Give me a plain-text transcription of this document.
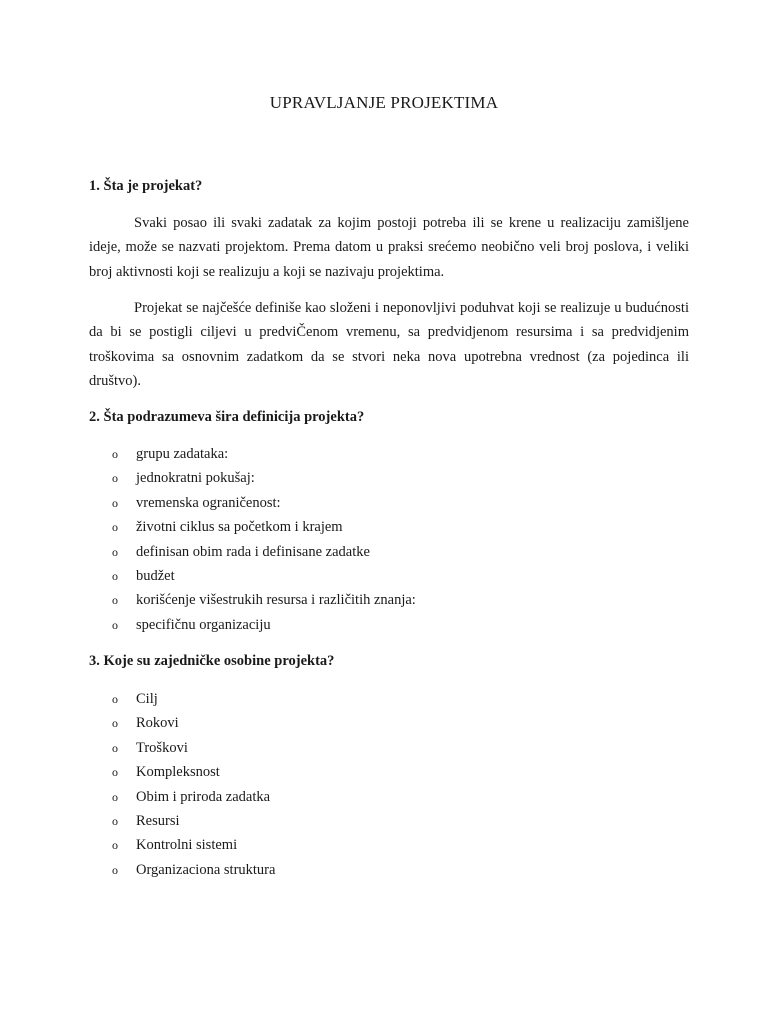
UPRAVLJANJE PROJEKTIMA
1. Šta je projekat?

Svaki posao ili svaki zadatak za kojim postoji potreba ili se krene u realizaciju zamišljene ideje, može se nazvati projektom. Prema datom u praksi srećemo neobično veli broj poslova, i veliki broj aktivnosti koji se realizuju a koji se nazivaju projektima.

Projekat se najčešće definiše kao složeni i neponovljivi poduhvat koji se realizuje u budućnosti da bi se postigli ciljevi u predviČenom vremenu, sa predvidjenom resursima i sa predvidjenim troškovima sa osnovnim zadatkom da se stvori neka nova upotrebna vrednost (za pojedinca ili društvo).

2. Šta podrazumeva šira definicija projekta?
o grupu zadataka:
o jednokratni pokušaj:
o vremenska ograničenost:
o životni ciklus sa početkom i krajem
o definisan obim rada i definisane zadatke
o budžet
o korišćenje višestrukih resursa i različitih znanja:
o specifičnu organizaciju
3. Koje su zajedničke osobine projekta?
o Cilj
o Rokovi
o Troškovi
o Kompleksnost
o Obim i priroda zadatka
o Resursi
o Kontrolni sistemi
o Organizaciona struktura
